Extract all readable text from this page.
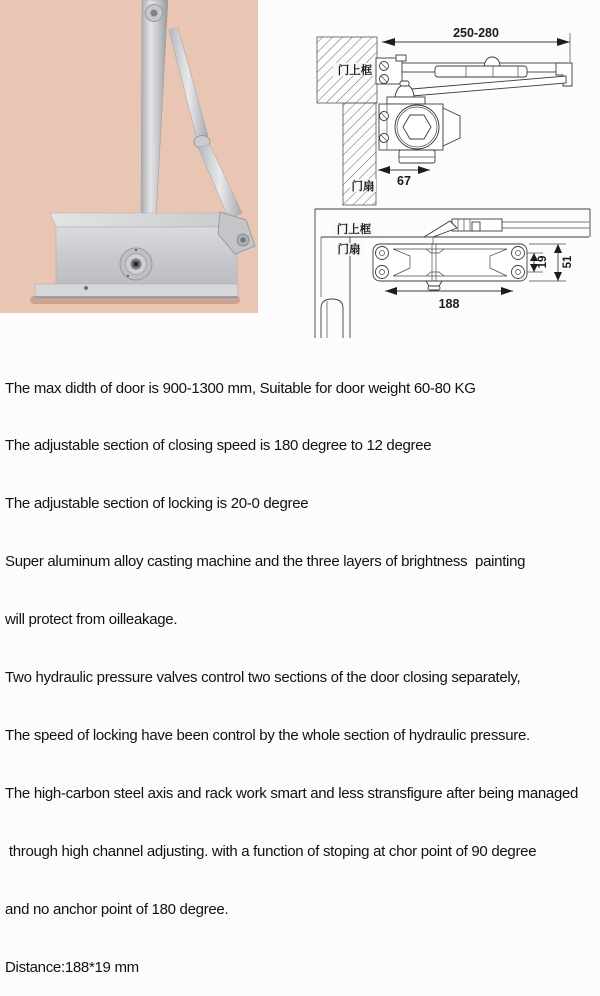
门上框
门扇
250-280
67
门上框
门扇
188
19 51

The max didth of door is 900-1300 mm, Suitable for door weight 60-80 KG

The adjustable section of closing speed is 180 degree to 12 degree

The adjustable section of locking is 20-0 degree

Super aluminum alloy casting machine and the three layers of brightness  painting

will protect from oilleakage.

Two hydraulic pressure valves control two sections of the door closing separately,

The speed of locking have been control by the whole section of hydraulic pressure.

The high-carbon steel axis and rack work smart and less stransfigure after being managed

through high channel adjusting. with a function of stoping at chor point of 90 degree

and no anchor point of 180 degree.

Distance:188*19 mm
